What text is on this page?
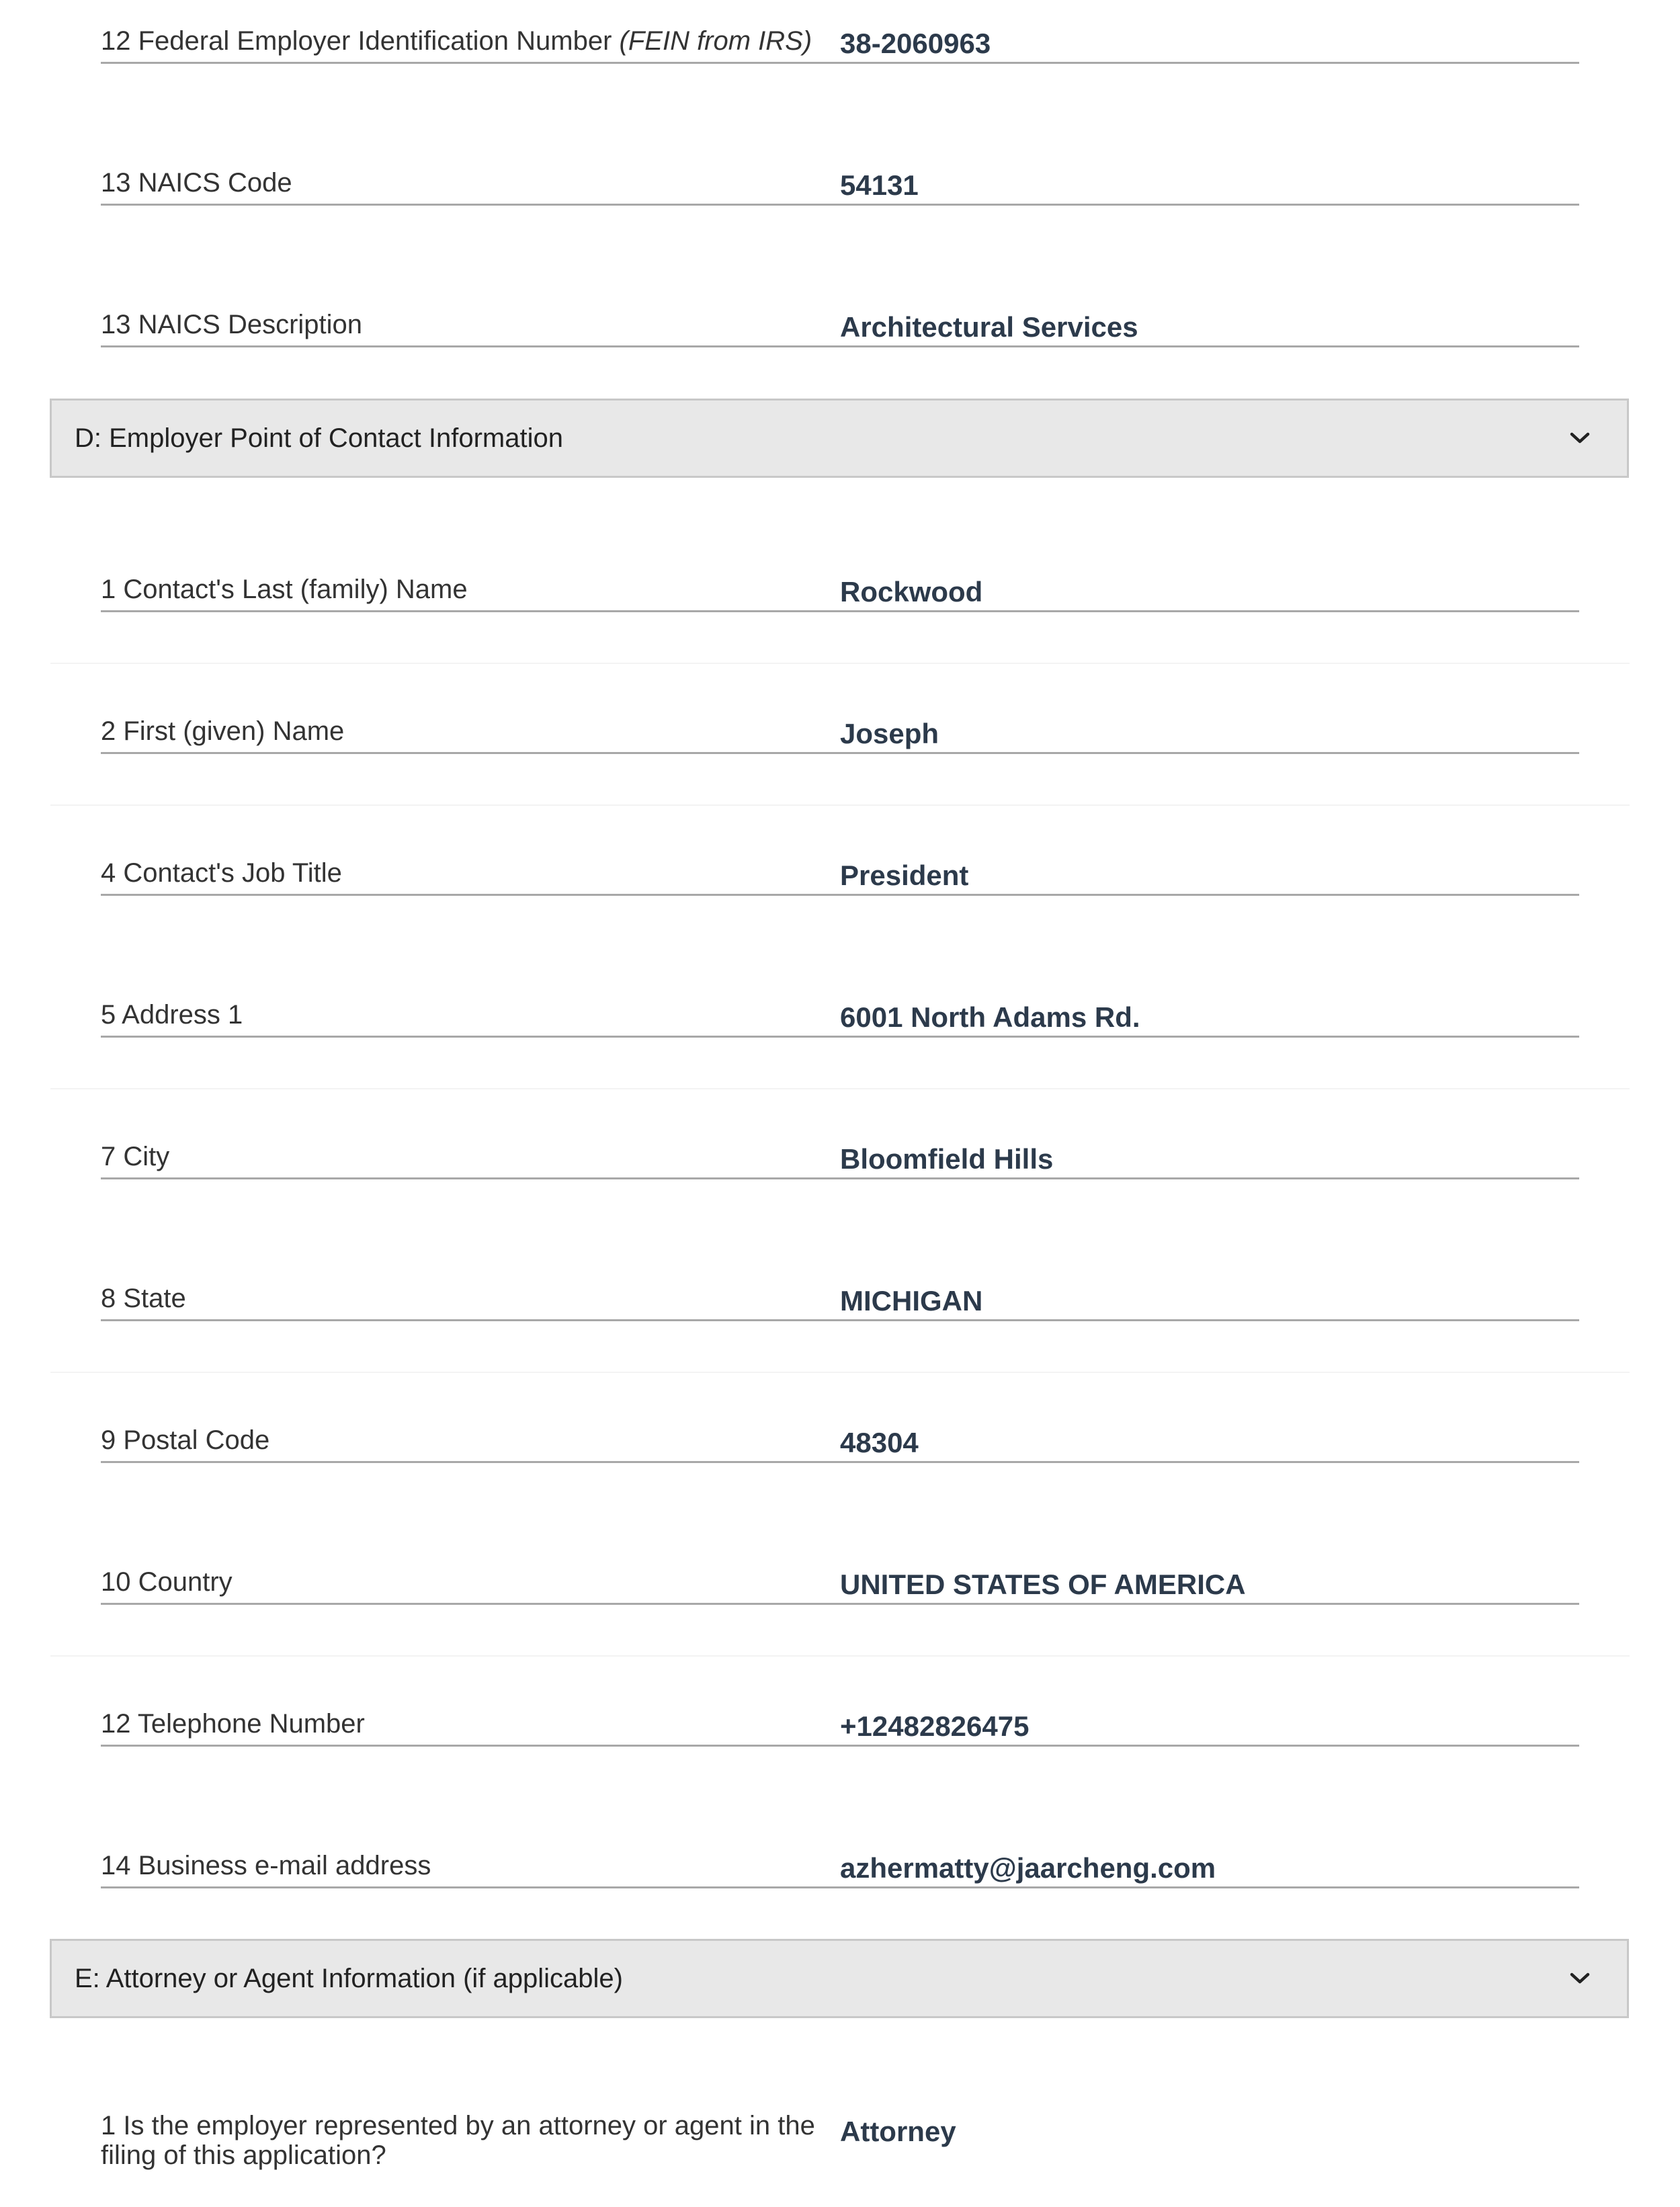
12 Federal Employer Identification Number (FEIN from IRS) 38-2060963
13 NAICS Code	54131
13 NAICS Description	Architectural Services
D: Employer Point of Contact Information
1 Contact's Last (family) Name	Rockwood
2 First (given) Name	Joseph
4 Contact's Job Title	President
5 Address 1	6001 North Adams Rd.
7 City	Bloomfield Hills
8 State	MICHIGAN
9 Postal Code	48304
10 Country	UNITED STATES OF AMERICA
12 Telephone Number	+12482826475
14 Business e-mail address	azhermatty@jaarcheng.com
E: Attorney or Agent Information (if applicable)
1 Is the employer represented by an attorney or agent in the filing of this application?
Attorney
